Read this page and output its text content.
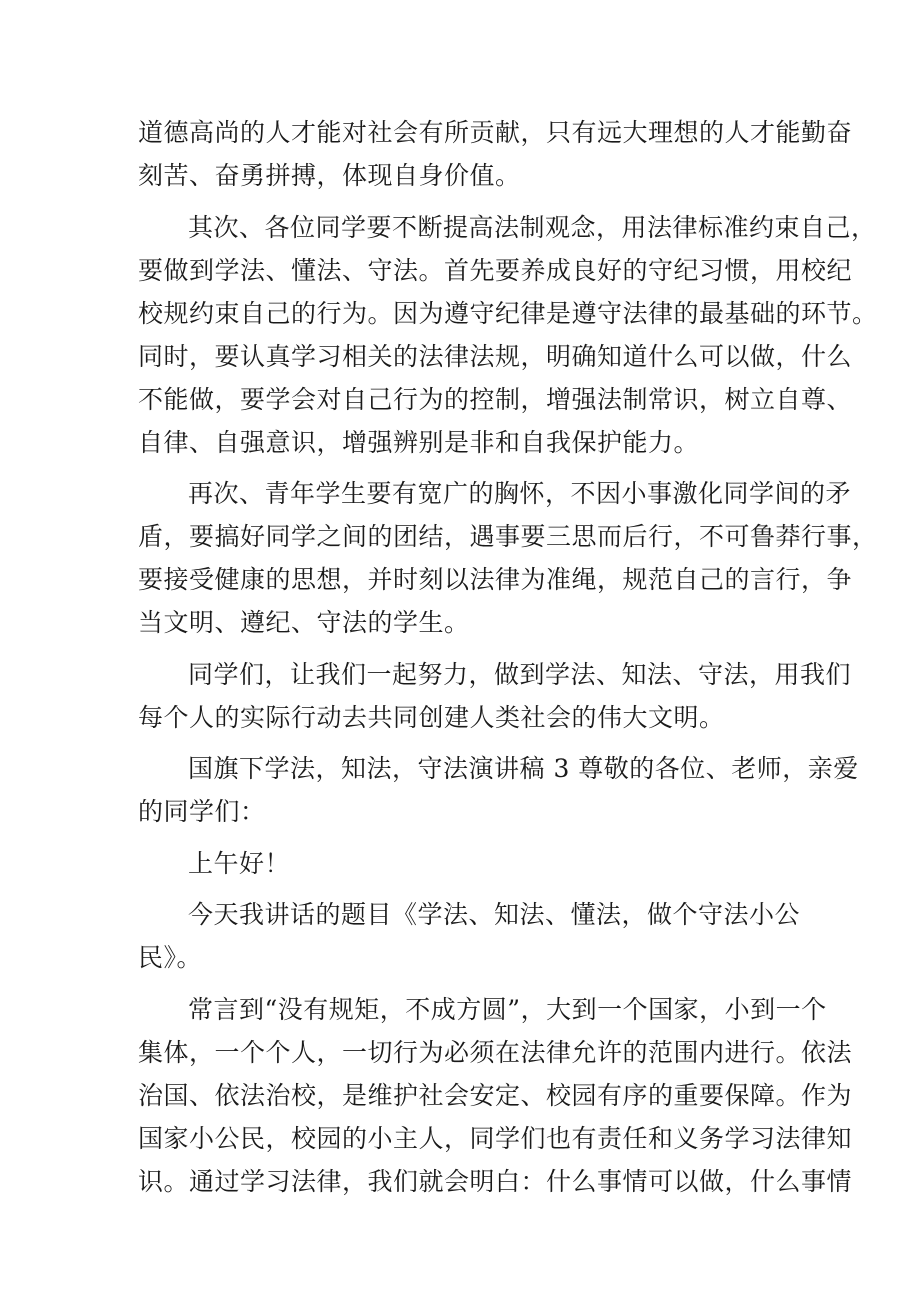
道德高尚的人才能对社会有所贡献，只有远大理想的人才能勤奋
刻苦、奋勇拼搏，体现自身价值。
其次、各位同学要不断提高法制观念，用法律标准约束自己，
要做到学法、懂法、守法。首先要养成良好的守纪习惯，用校纪
校规约束自己的行为。因为遵守纪律是遵守法律的最基础的环节。
同时，要认真学习相关的法律法规，明确知道什么可以做，什么
不能做，要学会对自己行为的控制，增强法制常识，树立自尊、
自律、自强意识，增强辨别是非和自我保护能力。
再次、青年学生要有宽广的胸怀，不因小事激化同学间的矛
盾，要搞好同学之间的团结，遇事要三思而后行，不可鲁莽行事，
要接受健康的思想，并时刻以法律为准绳，规范自己的言行，争
当文明、遵纪、守法的学生。
同学们，让我们一起努力，做到学法、知法、守法，用我们
每个人的实际行动去共同创建人类社会的伟大文明。
国旗下学法，知法，守法演讲稿 3 尊敬的各位、老师，亲爱
的同学们：
上午好！
今天我讲话的题目《学法、知法、懂法，做个守法小公
民》。
常言到“没有规矩，不成方圆”，大到一个国家，小到一个
集体，一个个人，一切行为必须在法律允许的范围内进行。依法
治国、依法治校，是维护社会安定、校园有序的重要保障。作为
国家小公民，校园的小主人，同学们也有责任和义务学习法律知
识。通过学习法律，我们就会明白：什么事情可以做，什么事情
